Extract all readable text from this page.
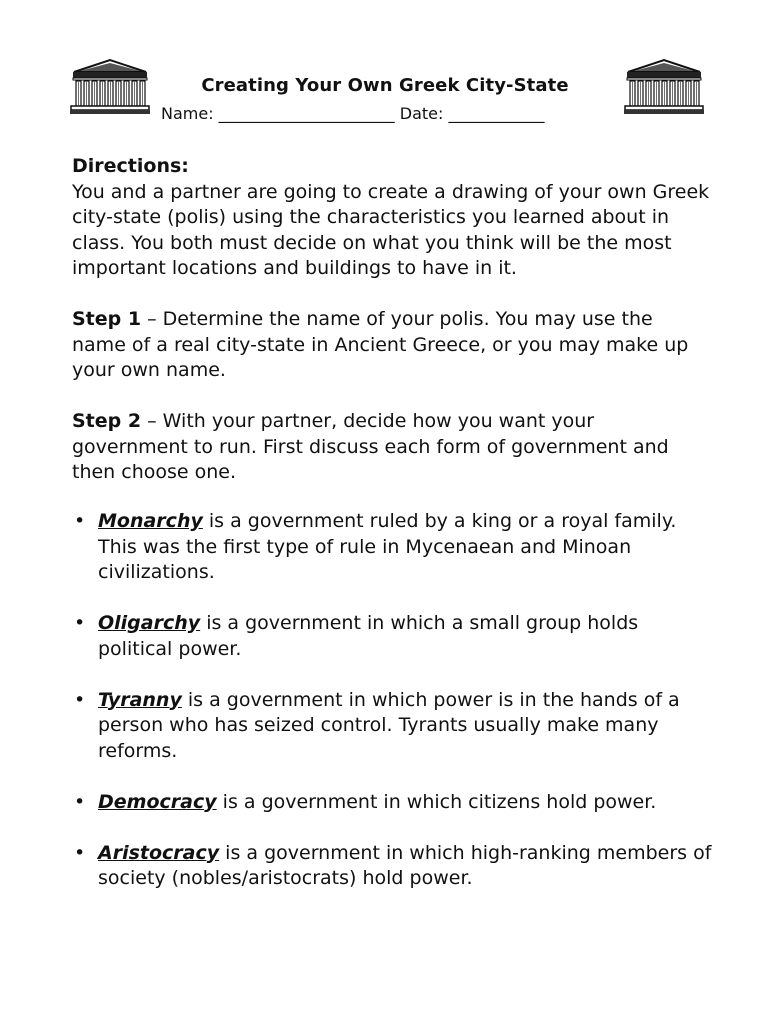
Creating Your Own Greek City-State
Name: ______________________ Date: ____________
Directions:
You and a partner are going to create a drawing of your own Greek city-state (polis) using the characteristics you learned about in class. You both must decide on what you think will be the most important locations and buildings to have in it.
Step 1 – Determine the name of your polis. You may use the name of a real city-state in Ancient Greece, or you may make up your own name.
Step 2 – With your partner, decide how you want your government to run. First discuss each form of government and then choose one.
• Monarchy is a government ruled by a king or a royal family. This was the first type of rule in Mycenaean and Minoan civilizations.
• Oligarchy is a government in which a small group holds political power.
• Tyranny is a government in which power is in the hands of a person who has seized control. Tyrants usually make many reforms.
• Democracy is a government in which citizens hold power.
• Aristocracy is a government in which high-ranking members of society (nobles/aristocrats) hold power.
